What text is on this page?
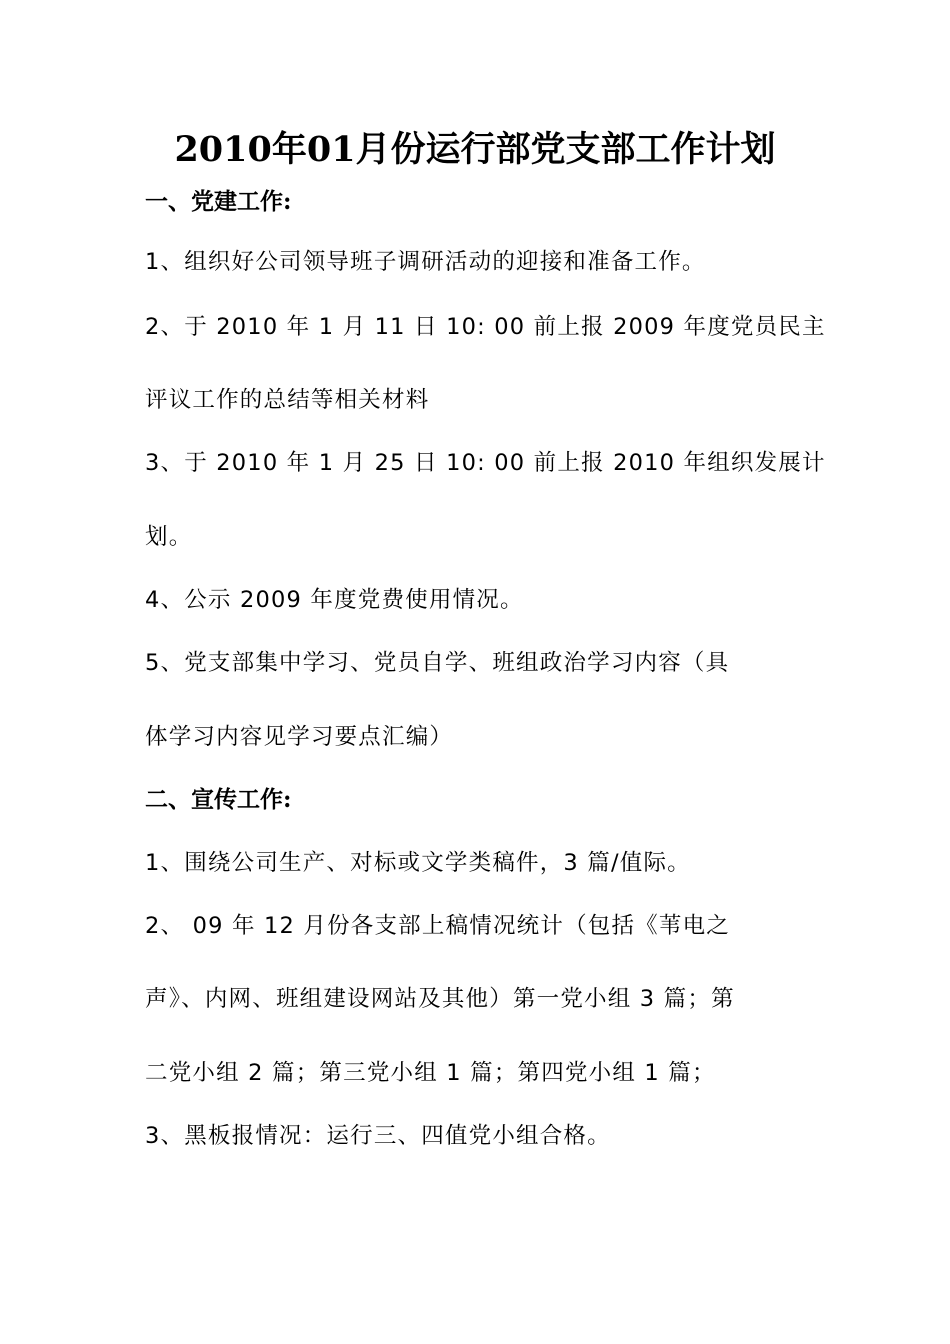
2010年01月份运行部党支部工作计划
一、党建工作:
1、组织好公司领导班子调研活动的迎接和准备工作。
2、于 2010 年 1 月 11 日 10: 00 前上报 2009 年度党员民主
评议工作的总结等相关材料
3、于 2010 年 1 月 25 日 10: 00 前上报 2010 年组织发展计
划。
4、公示 2009 年度党费使用情况。
5、党支部集中学习、党员自学、班组政治学习内容（具
体学习内容见学习要点汇编）
二、宣传工作:
1、围绕公司生产、对标或文学类稿件，3 篇/值际。
2、 09 年 12 月份各支部上稿情况统计（包括《苇电之
声》、内网、班组建设网站及其他）第一党小组 3 篇；第
二党小组 2 篇；第三党小组 1 篇；第四党小组 1 篇；
3、黑板报情况：运行三、四值党小组合格。
